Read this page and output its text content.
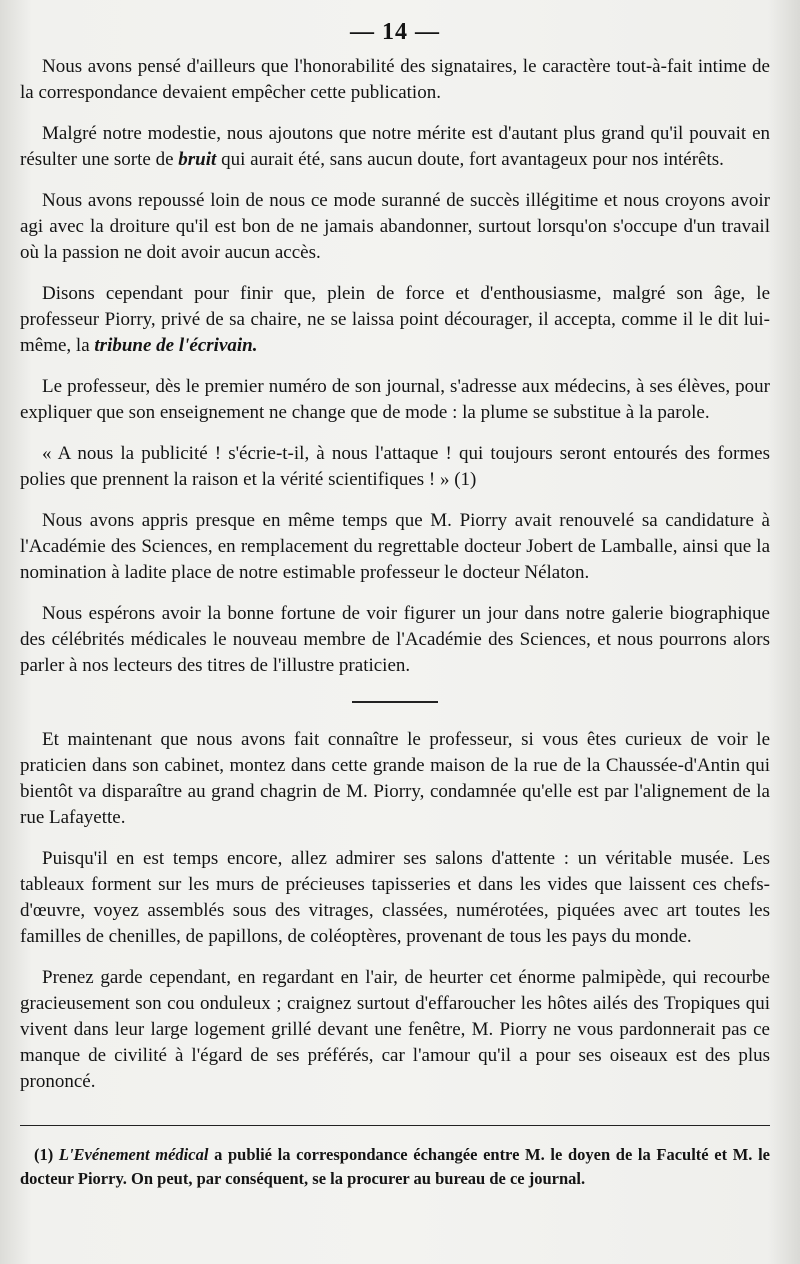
— 14 —

Nous avons pensé d'ailleurs que l'honorabilité des signataires, le caractère tout-à-fait intime de la correspondance devaient empêcher cette publication.

Malgré notre modestie, nous ajoutons que notre mérite est d'autant plus grand qu'il pouvait en résulter une sorte de bruit qui aurait été, sans aucun doute, fort avantageux pour nos intérêts.

Nous avons repoussé loin de nous ce mode suranné de succès illégitime et nous croyons avoir agi avec la droiture qu'il est bon de ne jamais abandonner, surtout lorsqu'on s'occupe d'un travail où la passion ne doit avoir aucun accès.

Disons cependant pour finir que, plein de force et d'enthousiasme, malgré son âge, le professeur Piorry, privé de sa chaire, ne se laissa point décourager, il accepta, comme il le dit lui-même, la tribune de l'écrivain.

Le professeur, dès le premier numéro de son journal, s'adresse aux médecins, à ses élèves, pour expliquer que son enseignement ne change que de mode : la plume se substitue à la parole.

« A nous la publicité ! s'écrie-t-il, à nous l'attaque ! qui toujours seront entourés des formes polies que prennent la raison et la vérité scientifiques ! » (1)

Nous avons appris presque en même temps que M. Piorry avait renouvelé sa candidature à l'Académie des Sciences, en remplacement du regrettable docteur Jobert de Lamballe, ainsi que la nomination à ladite place de notre estimable professeur le docteur Nélaton.

Nous espérons avoir la bonne fortune de voir figurer un jour dans notre galerie biographique des célébrités médicales le nouveau membre de l'Académie des Sciences, et nous pourrons alors parler à nos lecteurs des titres de l'illustre praticien.

Et maintenant que nous avons fait connaître le professeur, si vous êtes curieux de voir le praticien dans son cabinet, montez dans cette grande maison de la rue de la Chaussée-d'Antin qui bientôt va disparaître au grand chagrin de M. Piorry, condamnée qu'elle est par l'alignement de la rue Lafayette.

Puisqu'il en est temps encore, allez admirer ses salons d'attente : un véritable musée. Les tableaux forment sur les murs de précieuses tapisseries et dans les vides que laissent ces chefs-d'œuvre, voyez assemblés sous des vitrages, classées, numérotées, piquées avec art toutes les familles de chenilles, de papillons, de coléoptères, provenant de tous les pays du monde.

Prenez garde cependant, en regardant en l'air, de heurter cet énorme palmipède, qui recourbe gracieusement son cou onduleux ; craignez surtout d'effaroucher les hôtes ailés des Tropiques qui vivent dans leur large logement grillé devant une fenêtre, M. Piorry ne vous pardonnerait pas ce manque de civilité à l'égard de ses préférés, car l'amour qu'il a pour ses oiseaux est des plus prononcé.

(1) L'Evénement médical a publié la correspondance échangée entre M. le doyen de la Faculté et M. le docteur Piorry. On peut, par conséquent, se la procurer au bureau de ce journal.
